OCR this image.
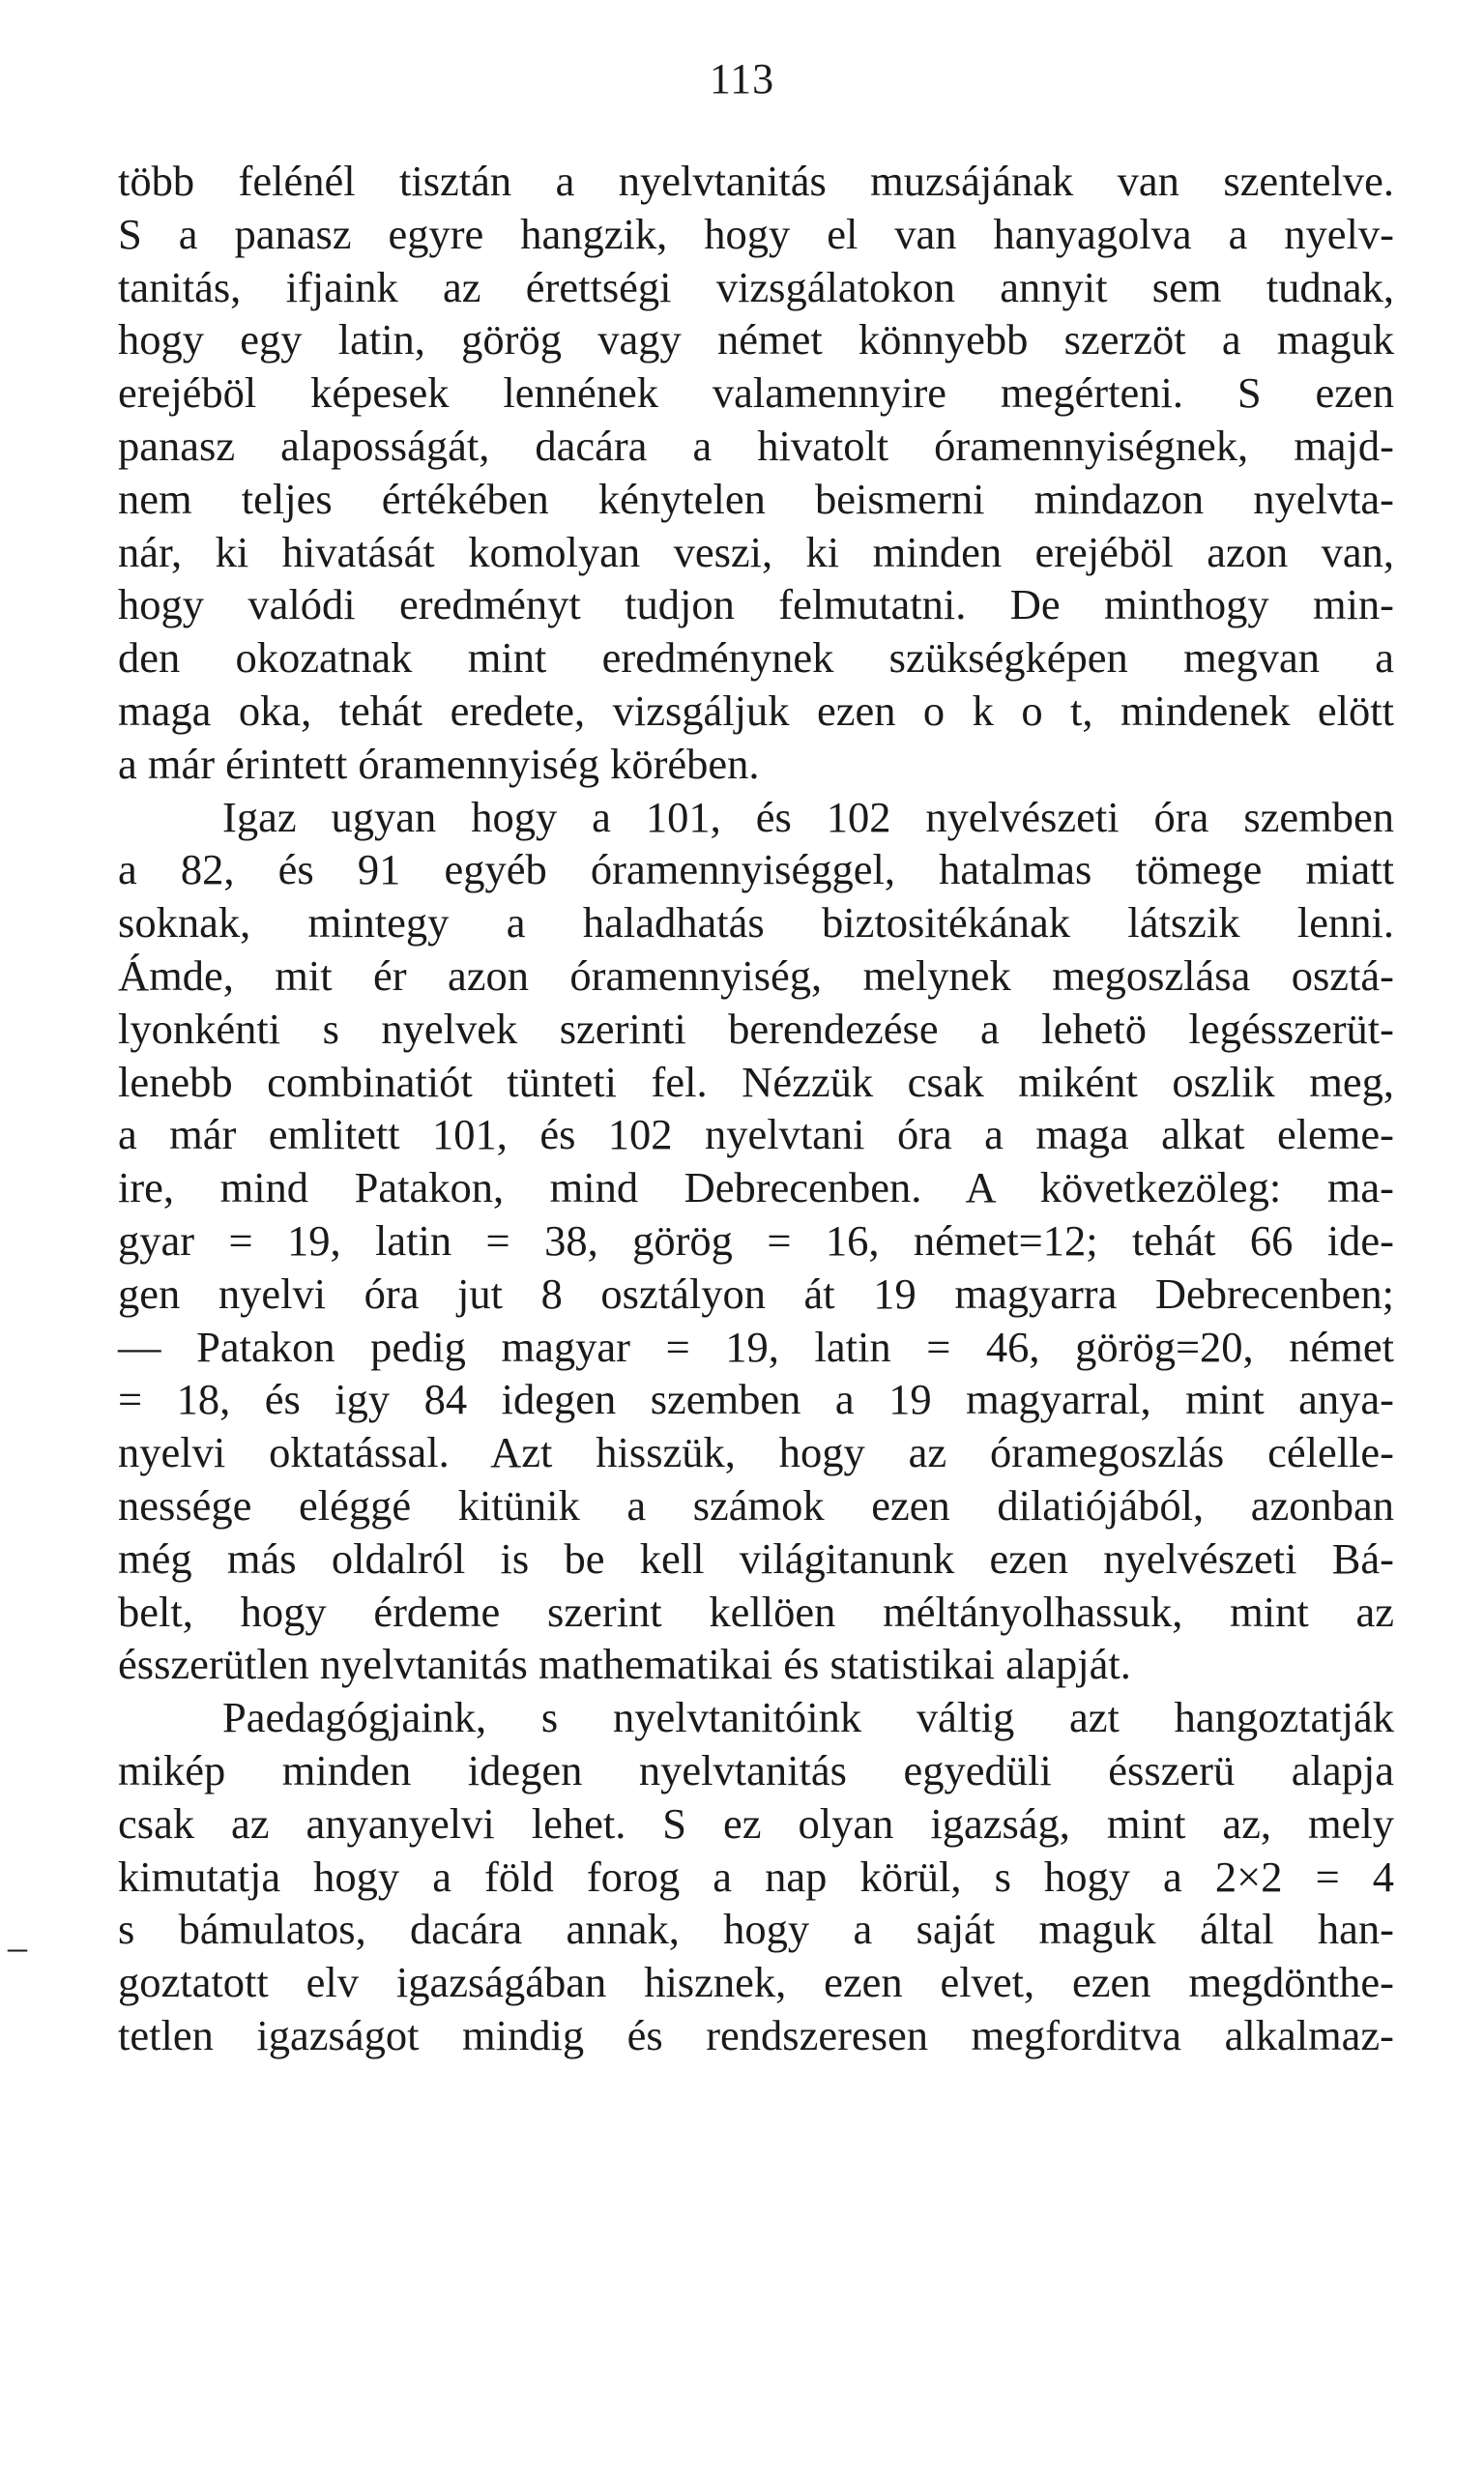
113
–
több felénél tisztán a nyelvtanitás muzsájának van szentelve.
S a panasz egyre hangzik, hogy el van hanyagolva a nyelv-
tanitás, ifjaink az érettségi vizsgálatokon annyit sem tudnak,
hogy egy latin, görög vagy német könnyebb szerzöt a maguk
erejéböl képesek lennének valamennyire megérteni. S ezen
panasz alaposságát, dacára a hivatolt óramennyiségnek, majd-
nem teljes értékében kénytelen beismerni mindazon nyelvta-
nár, ki hivatását komolyan veszi, ki minden erejéböl azon van,
hogy valódi eredményt tudjon felmutatni. De minthogy min-
den okozatnak mint eredménynek szükségképen megvan a
maga oka, tehát eredete, vizsgáljuk ezen o k o t, mindenek elött
a már érintett óramennyiség körében.
Igaz ugyan hogy a 101, és 102 nyelvészeti óra szemben
a 82, és 91 egyéb óramennyiséggel, hatalmas tömege miatt
soknak, mintegy a haladhatás biztositékának látszik lenni.
Ámde, mit ér azon óramennyiség, melynek megoszlása osztá-
lyonkénti s nyelvek szerinti berendezése a lehetö legésszerüt-
lenebb combinatiót tünteti fel. Nézzük csak miként oszlik meg,
a már emlitett 101, és 102 nyelvtani óra a maga alkat eleme-
ire, mind Patakon, mind Debrecenben. A következöleg: ma-
gyar = 19, latin = 38, görög = 16, német=12; tehát 66 ide-
gen nyelvi óra jut 8 osztályon át 19 magyarra Debrecenben;
— Patakon pedig magyar = 19, latin = 46, görög=20, német
= 18, és igy 84 idegen szemben a 19 magyarral, mint anya-
nyelvi oktatással. Azt hisszük, hogy az óramegoszlás célelle-
nessége eléggé kitünik a számok ezen dilatiójából, azonban
még más oldalról is be kell világitanunk ezen nyelvészeti Bá-
belt, hogy érdeme szerint kellöen méltányolhassuk, mint az
ésszerütlen nyelvtanitás mathematikai és statistikai alapját.
Paedagógjaink, s nyelvtanitóink váltig azt hangoztatják
mikép minden idegen nyelvtanitás egyedüli ésszerü alapja
csak az anyanyelvi lehet. S ez olyan igazság, mint az, mely
kimutatja hogy a föld forog a nap körül, s hogy a 2×2 = 4
s bámulatos, dacára annak, hogy a saját maguk által han-
goztatott elv igazságában hisznek, ezen elvet, ezen megdönthe-
tetlen igazságot mindig és rendszeresen megforditva alkalmaz-
